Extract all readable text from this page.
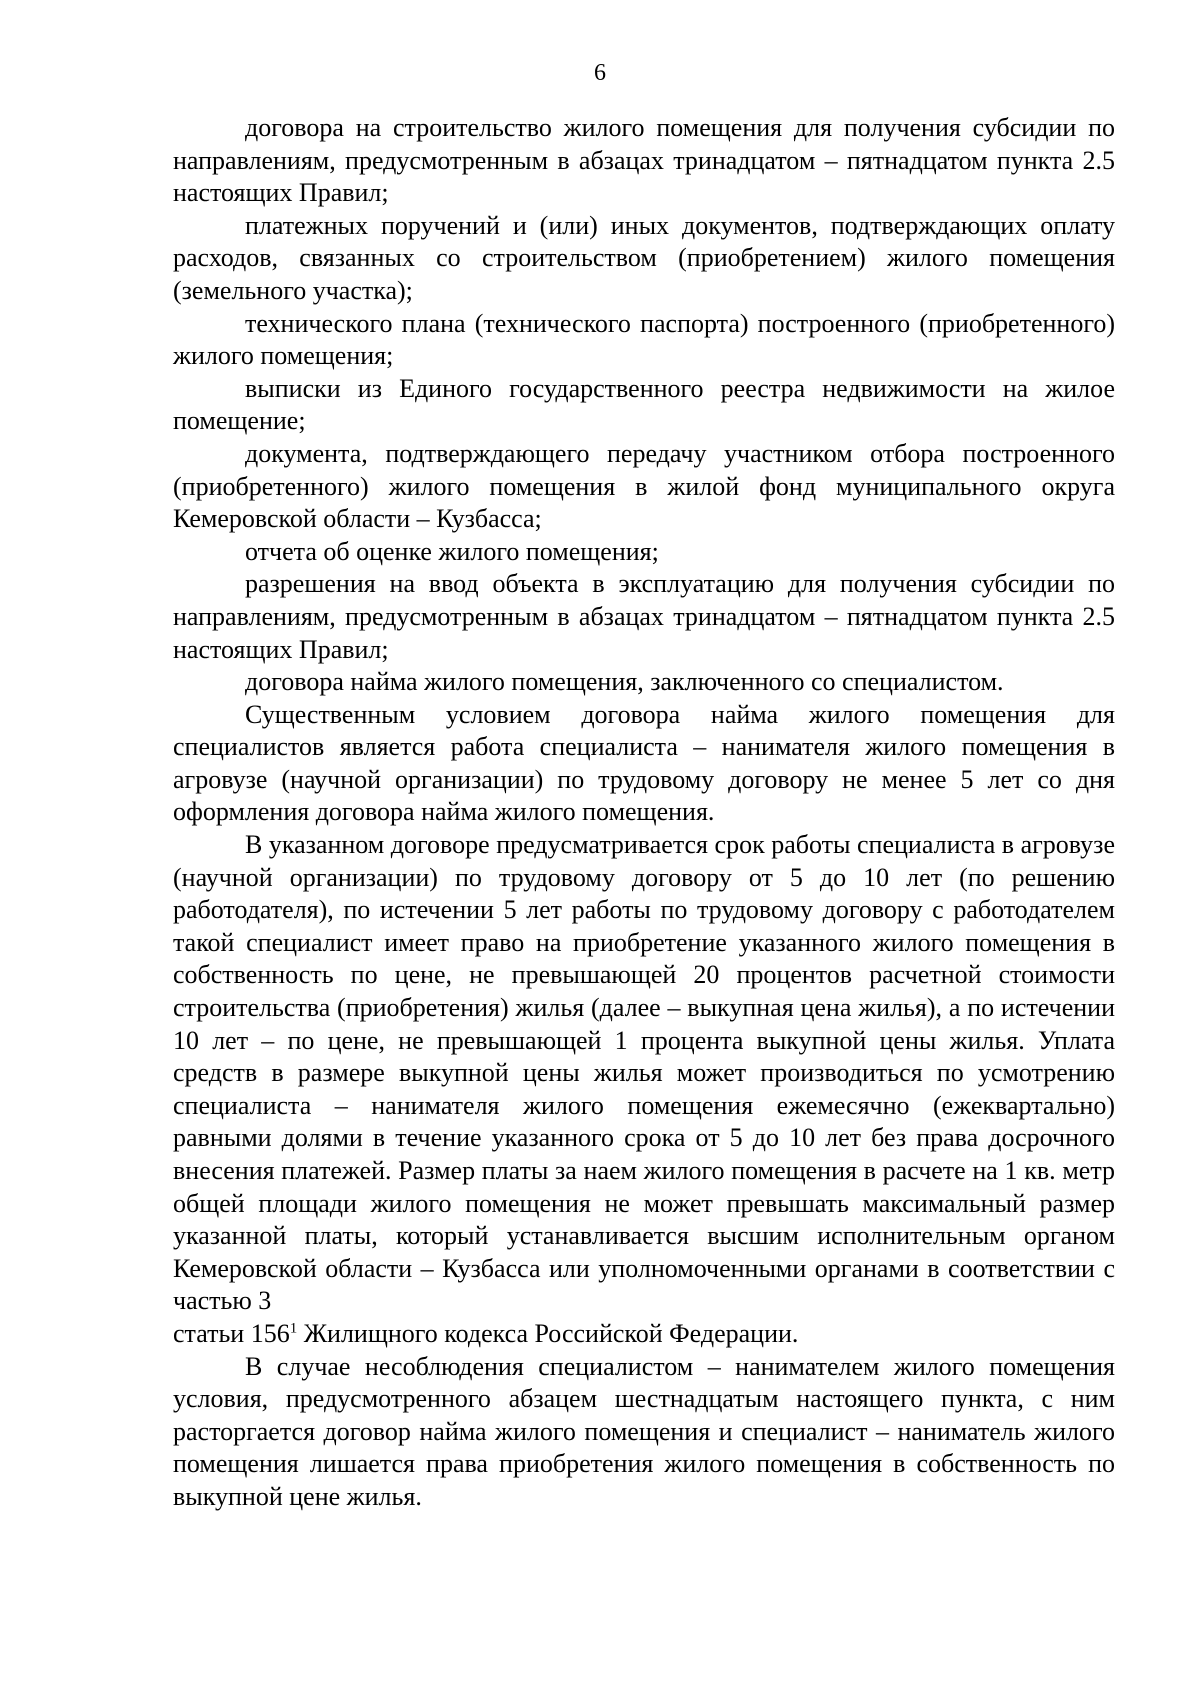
6

договора на строительство жилого помещения для получения субсидии по направлениям, предусмотренным в абзацах тринадцатом – пятнадцатом пункта 2.5 настоящих Правил;

платежных поручений и (или) иных документов, подтверждающих оплату расходов, связанных со строительством (приобретением) жилого помещения (земельного участка);

технического плана (технического паспорта) построенного (приобретенного) жилого помещения;

выписки из Единого государственного реестра недвижимости на жилое помещение;

документа, подтверждающего передачу участником отбора построенного (приобретенного) жилого помещения в жилой фонд муниципального округа Кемеровской области – Кузбасса;

отчета об оценке жилого помещения;

разрешения на ввод объекта в эксплуатацию для получения субсидии по направлениям, предусмотренным в абзацах тринадцатом – пятнадцатом пункта 2.5 настоящих Правил;

договора найма жилого помещения, заключенного со специалистом.

Существенным условием договора найма жилого помещения для специалистов является работа специалиста – нанимателя жилого помещения в агровузе (научной организации) по трудовому договору не менее 5 лет со дня оформления договора найма жилого помещения.

В указанном договоре предусматривается срок работы специалиста в агровузе (научной организации) по трудовому договору от 5 до 10 лет (по решению работодателя), по истечении 5 лет работы по трудовому договору с работодателем такой специалист имеет право на приобретение указанного жилого помещения в собственность по цене, не превышающей 20 процентов расчетной стоимости строительства (приобретения) жилья (далее – выкупная цена жилья), а по истечении 10 лет – по цене, не превышающей 1 процента выкупной цены жилья. Уплата средств в размере выкупной цены жилья может производиться по усмотрению специалиста – нанимателя жилого помещения ежемесячно (ежеквартально) равными долями в течение указанного срока от 5 до 10 лет без права досрочного внесения платежей. Размер платы за наем жилого помещения в расчете на 1 кв. метр общей площади жилого помещения не может превышать максимальный размер указанной платы, который устанавливается высшим исполнительным органом Кемеровской области – Кузбасса или уполномоченными органами в соответствии с частью 3
статьи $156^1$ Жилищного кодекса Российской Федерации.

В случае несоблюдения специалистом – нанимателем жилого помещения условия, предусмотренного абзацем шестнадцатым настоящего пункта, с ним расторгается договор найма жилого помещения и специалист – наниматель жилого помещения лишается права приобретения жилого помещения в собственность по выкупной цене жилья.
